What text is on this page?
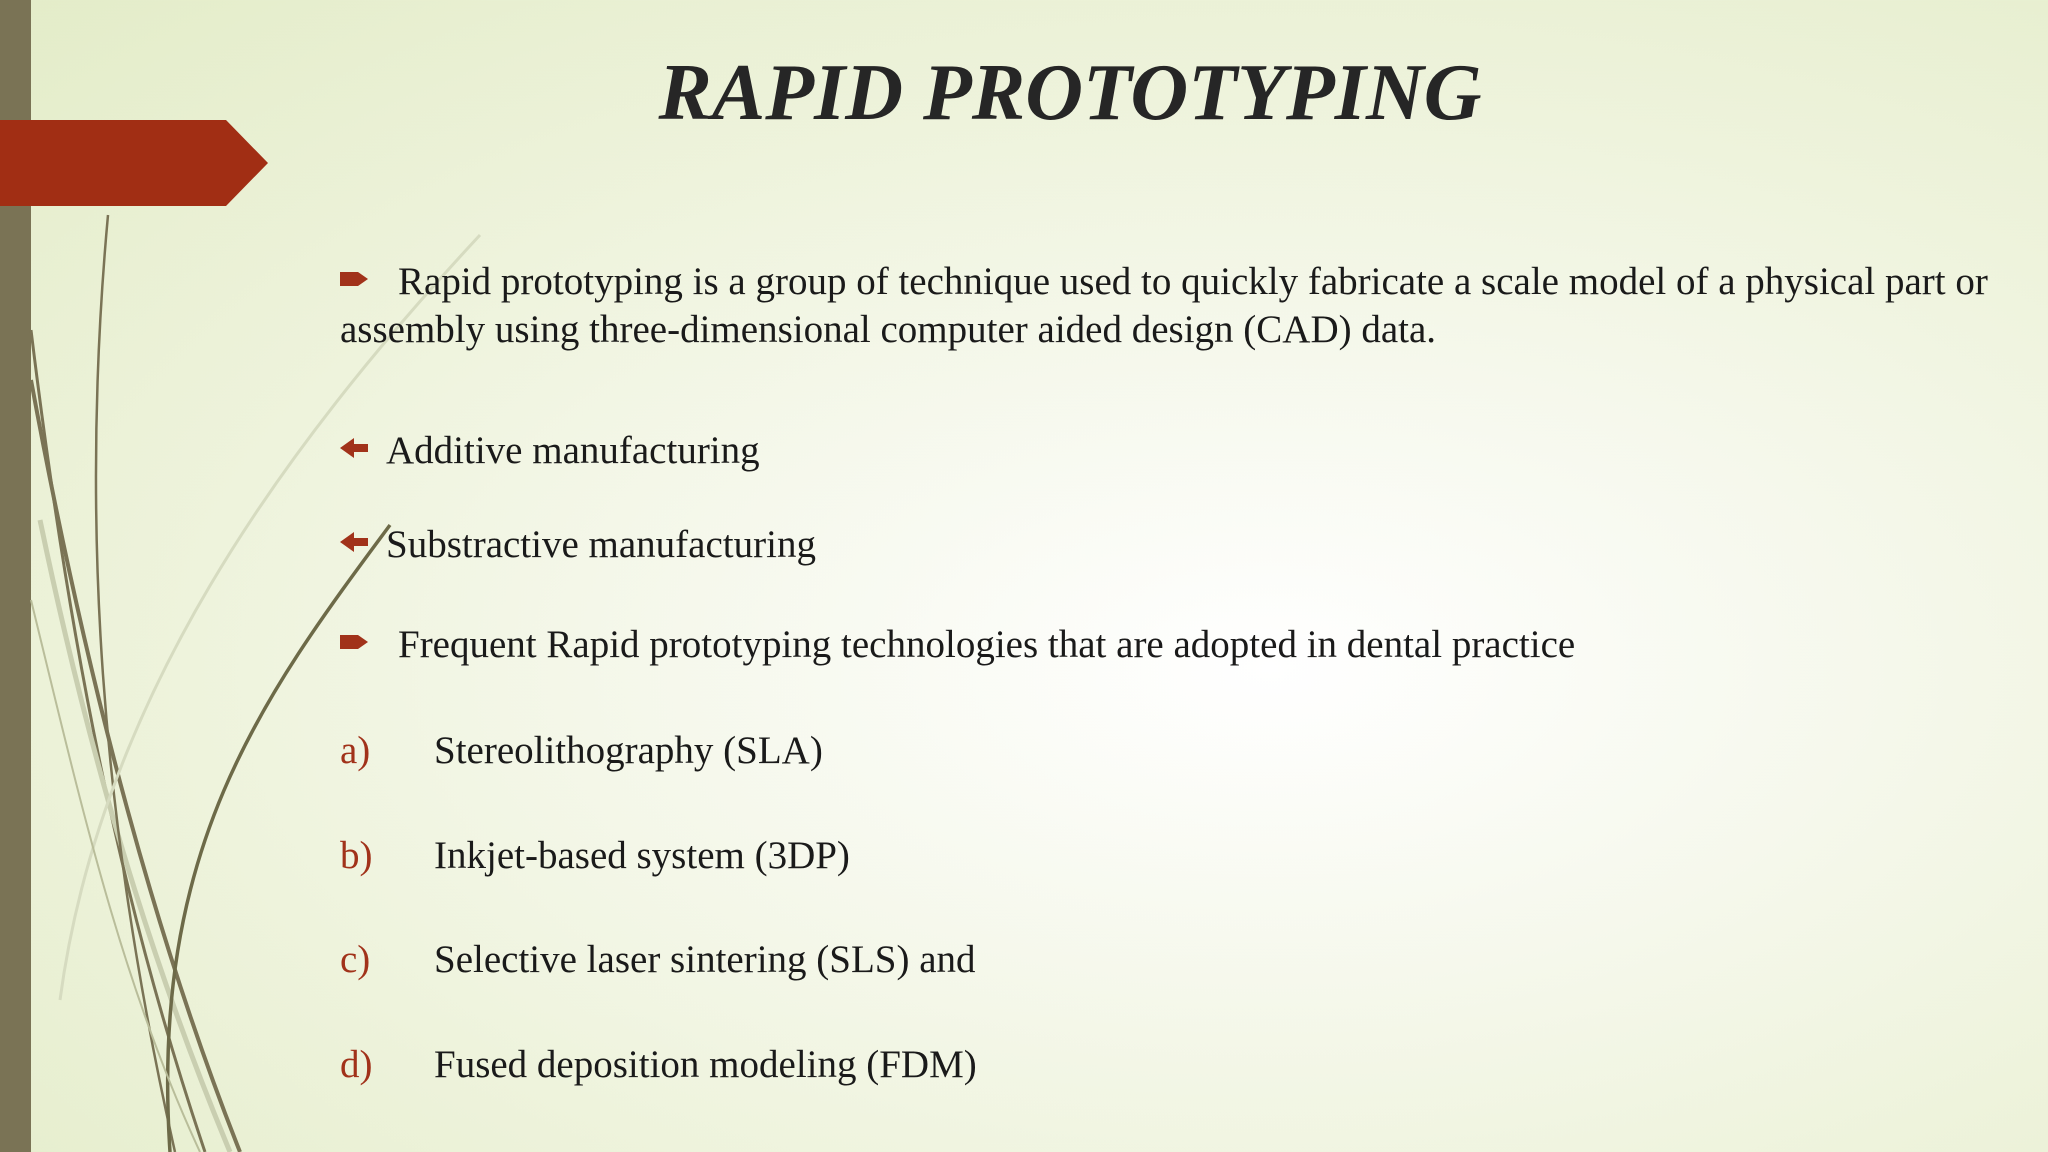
RAPID PROTOTYPING
Rapid prototyping is a group of technique used to quickly fabricate a scale model of a physical part or assembly using three-dimensional computer aided design (CAD) data.
Additive manufacturing
Substractive manufacturing
Frequent Rapid prototyping technologies that are adopted in dental practice
a) Stereolithography (SLA)
b) Inkjet-based system (3DP)
c) Selective laser sintering (SLS) and
d) Fused deposition modeling (FDM)
